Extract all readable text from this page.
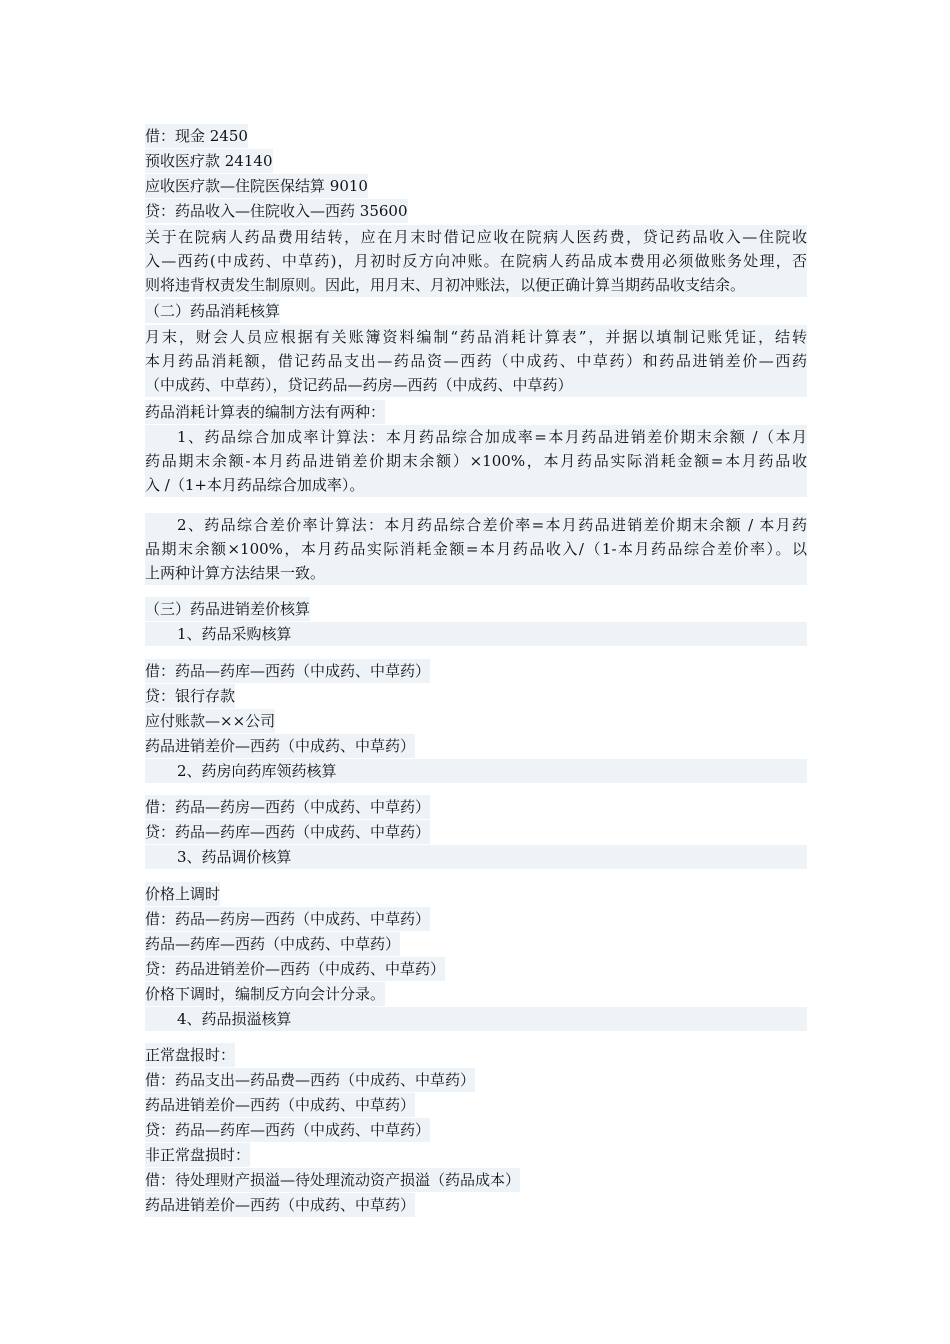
借：现金 2450
预收医疗款 24140
应收医疗款—住院医保结算 9010
贷：药品收入—住院收入—西药 35600
关于在院病人药品费用结转，应在月末时借记应收在院病人医药费，贷记药品收入—住院收
入—西药(中成药、中草药)，月初时反方向冲账。在院病人药品成本费用必须做账务处理，否
则将违背权责发生制原则。因此，用月末、月初冲账法，以便正确计算当期药品收支结余。
（二）药品消耗核算
月末，财会人员应根据有关账簿资料编制“药品消耗计算表”，并据以填制记账凭证，结转
本月药品消耗额，借记药品支出—药品资—西药（中成药、中草药）和药品进销差价—西药
（中成药、中草药），贷记药品—药房—西药（中成药、中草药）
药品消耗计算表的编制方法有两种：
1、药品综合加成率计算法：本月药品综合加成率=本月药品进销差价期末余额 /（本月
药品期末余额-本月药品进销差价期末余额）×100%，本月药品实际消耗金额=本月药品收
入 /（1+本月药品综合加成率）。
2、药品综合差价率计算法：本月药品综合差价率=本月药品进销差价期末余额 / 本月药
品期末余额×100%，本月药品实际消耗金额=本月药品收入/（1-本月药品综合差价率）。以
上两种计算方法结果一致。
（三）药品进销差价核算
1、药品采购核算
借：药品—药库—西药（中成药、中草药）
贷：银行存款
应付账款—××公司
药品进销差价—西药（中成药、中草药）
2、药房向药库领药核算
借：药品—药房—西药（中成药、中草药）
贷：药品—药库—西药（中成药、中草药）
3、药品调价核算
价格上调时
借：药品—药房—西药（中成药、中草药）
药品—药库—西药（中成药、中草药）
贷：药品进销差价—西药（中成药、中草药）
价格下调时，编制反方向会计分录。
4、药品损溢核算
正常盘报时：
借：药品支出—药品费—西药（中成药、中草药）
药品进销差价—西药（中成药、中草药）
贷：药品—药库—西药（中成药、中草药）
非正常盘损时：
借：待处理财产损溢—待处理流动资产损溢（药品成本）
药品进销差价—西药（中成药、中草药）
